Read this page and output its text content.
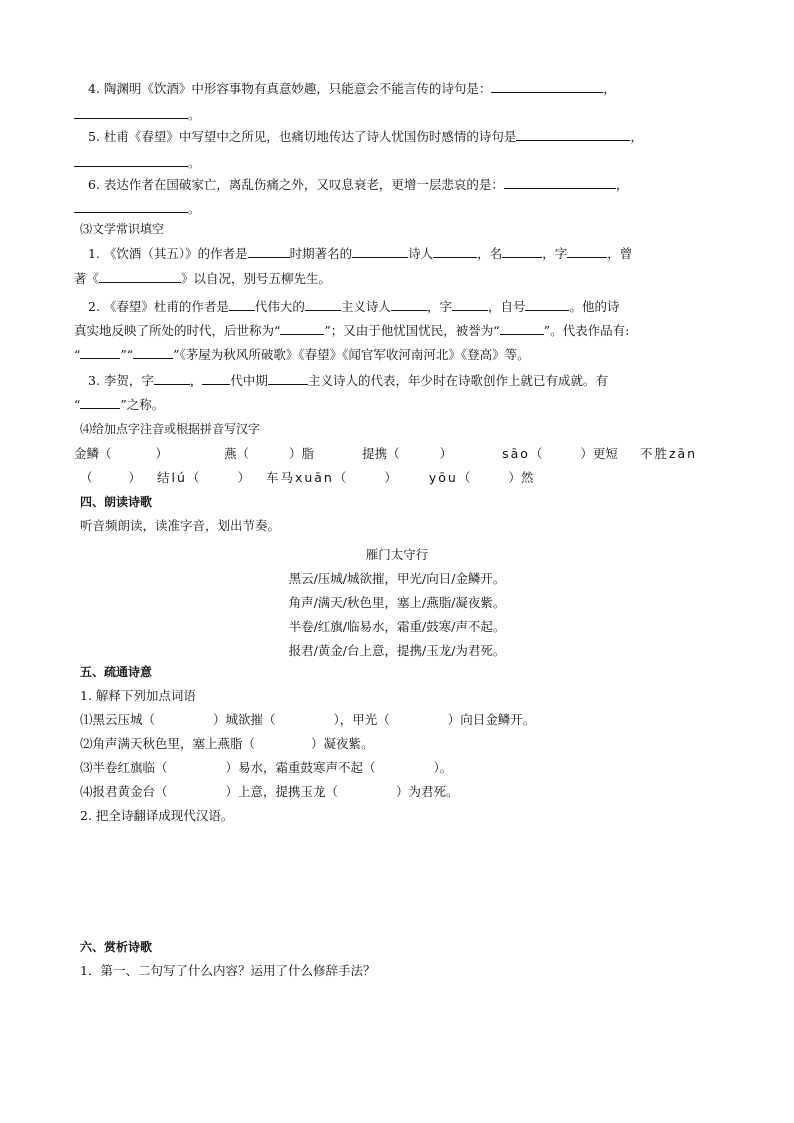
4. 陶渊明《饮酒》中形容事物有真意妙趣，只能意会不能言传的诗句是：	，
。
5. 杜甫《春望》中写望中之所见，也痛切地传达了诗人忧国伤时感情的诗句是	，
。
6. 表达作者在国破家亡，离乱伤痛之外，又叹息衰老，更增一层悲哀的是：	，
。
⑶文学常识填空
1. 《饮酒（其五）》的作者是	时期著名的	诗人	，名	，字	，曾
著《	》以自况，别号五柳先生。
2. 《春望》杜甫的作者是 代伟大的	主义诗人	，字	，自号	。他的诗
真实地反映了所处的时代，后世称为“	”；又由于他忧国忧民，被誉为“	”。代表作品有:
“	”“	”《茅屋为秋风所破歌》《春望》《闻官军收河南河北》《登高》等。
3. 李贺，字	， 代中期	主义诗人的代表，年少时在诗歌创作上就已有成就。有
“	”之称。
⑷给加点字注音或根据拼音写汉字
金鳞（	）	燕（	）脂	提携（	）	sāo（	）更短 不胜zān
（	） 结lú（	） 车马xuān（	）	yōu（	）然
四、朗读诗歌
听音频朗读，读准字音，划出节奏。
雁门太守行
黑云/压城/城欲摧，甲光/向日/金鳞开。
角声/满天/秋色里，塞上/燕脂/凝夜紫。
半卷/红旗/临易水，霜重/鼓寒/声不起。
报君/黄金/台上意，提携/玉龙/为君死。
五、疏通诗意
1. 解释下列加点词语
⑴黑云压城（	）城欲摧（	），甲光（	）向日金鳞开。
⑵角声满天秋色里，塞上燕脂（	）凝夜紫。
⑶半卷红旗临（	）易水，霜重鼓寒声不起（	）。
⑷报君黄金台（	）上意，提携玉龙（	）为君死。
2. 把全诗翻译成现代汉语。
六、赏析诗歌
1．第一、二句写了什么内容？运用了什么修辞手法？
